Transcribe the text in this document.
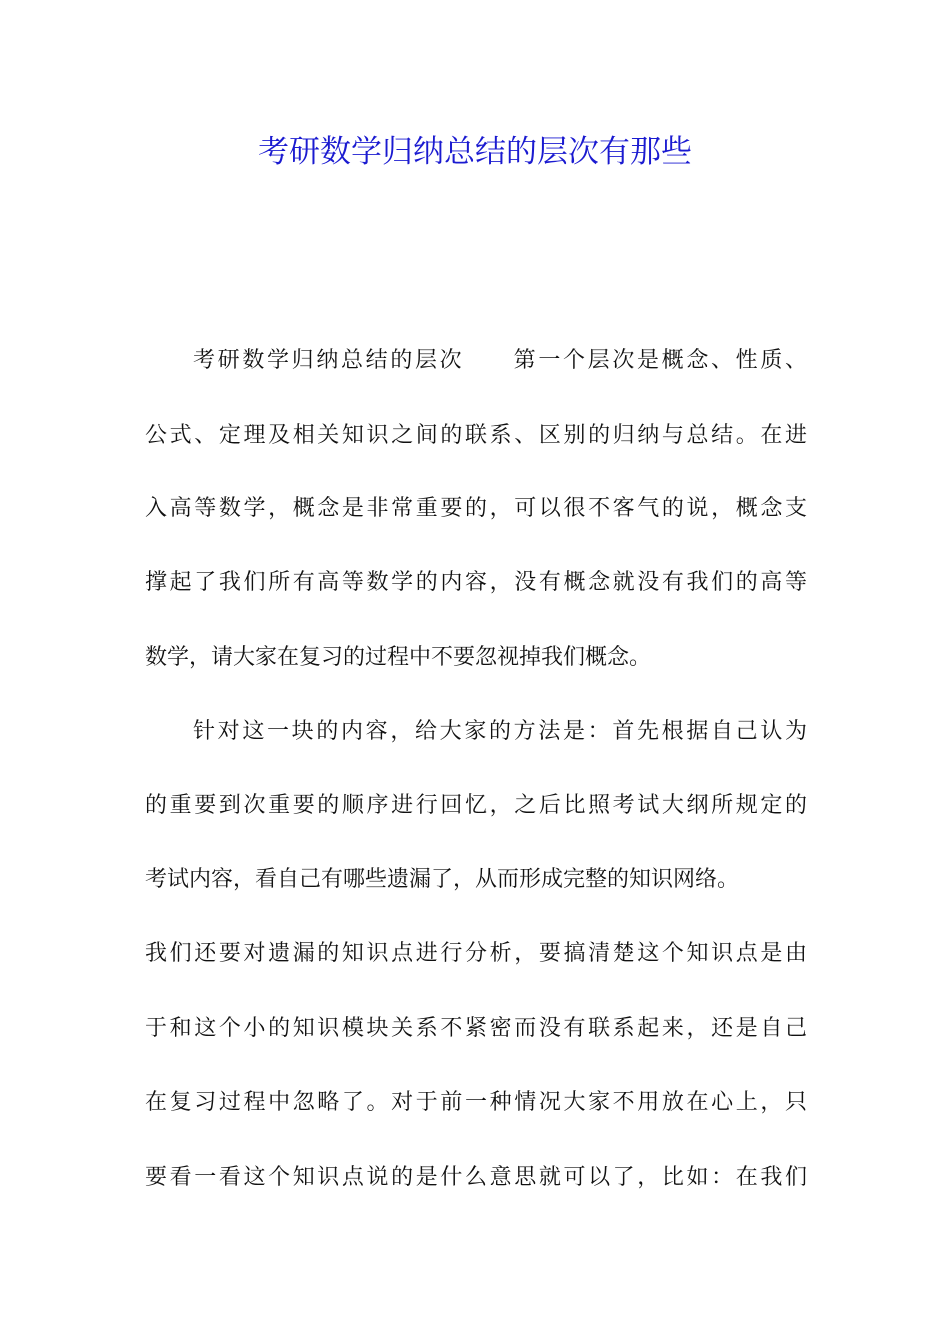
考研数学归纳总结的层次有那些
考研数学归纳总结的层次　　第一个层次是概念、性质、
公式、定理及相关知识之间的联系、区别的归纳与总结。在进
入高等数学，概念是非常重要的，可以很不客气的说，概念支
撑起了我们所有高等数学的内容，没有概念就没有我们的高等
数学，请大家在复习的过程中不要忽视掉我们概念。
针对这一块的内容，给大家的方法是：首先根据自己认为
的重要到次重要的顺序进行回忆，之后比照考试大纲所规定的
考试内容，看自己有哪些遗漏了，从而形成完整的知识网络。
我们还要对遗漏的知识点进行分析，要搞清楚这个知识点是由
于和这个小的知识模块关系不紧密而没有联系起来，还是自己
在复习过程中忽略了。对于前一种情况大家不用放在心上，只
要看一看这个知识点说的是什么意思就可以了，比如：在我们
